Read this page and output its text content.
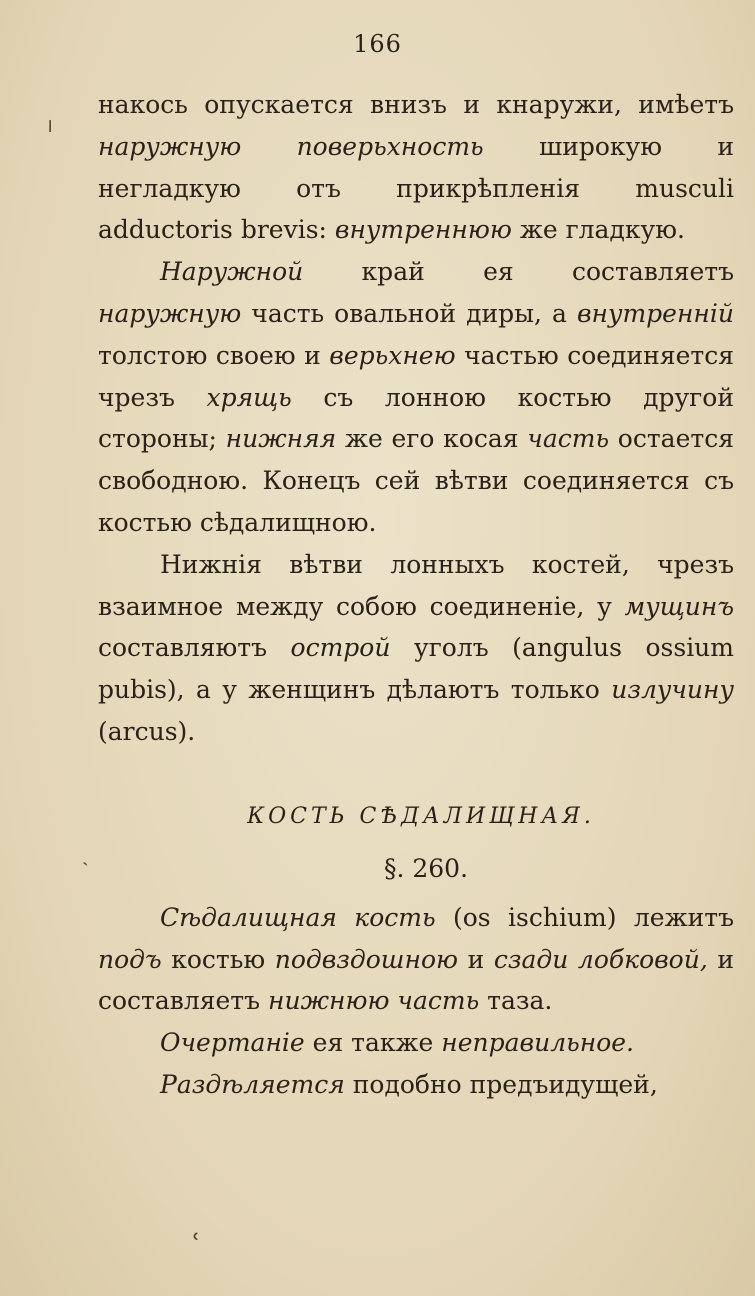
166

накось опускается внизъ и кнаружи, имѣетъ наружную поверьхность широкую и негладкую отъ прикрѣпленія musculi adductoris brevis: внутреннюю же гладкую.

Наружной край ея составляетъ наружную часть овальной диры, а внутренній толстою своею и верьхнею частью соединяется чрезъ хрящь съ лонною костью другой стороны; нижняя же его косая часть остается свободною. Конецъ сей вѣтви соединяется съ костью сѣдалищною.

Нижнія вѣтви лонныхъ костей, чрезъ взаимное между собою соединеніе, у мущинъ составляютъ острой уголъ (angulus ossium pubis), а у женщинъ дѣлаютъ только излучину (arcus).

КОСТЬ СѢДАЛИЩНАЯ.
§. 260.

Сѣдалищная кость (os ischium) лежитъ подъ костью подвздошною и сзади лобковой, и составляетъ нижнюю часть таза.

Очертаніе ея также неправильное.

Раздѣляется подобно предъидущей,

╷
ˎ
ʿ
